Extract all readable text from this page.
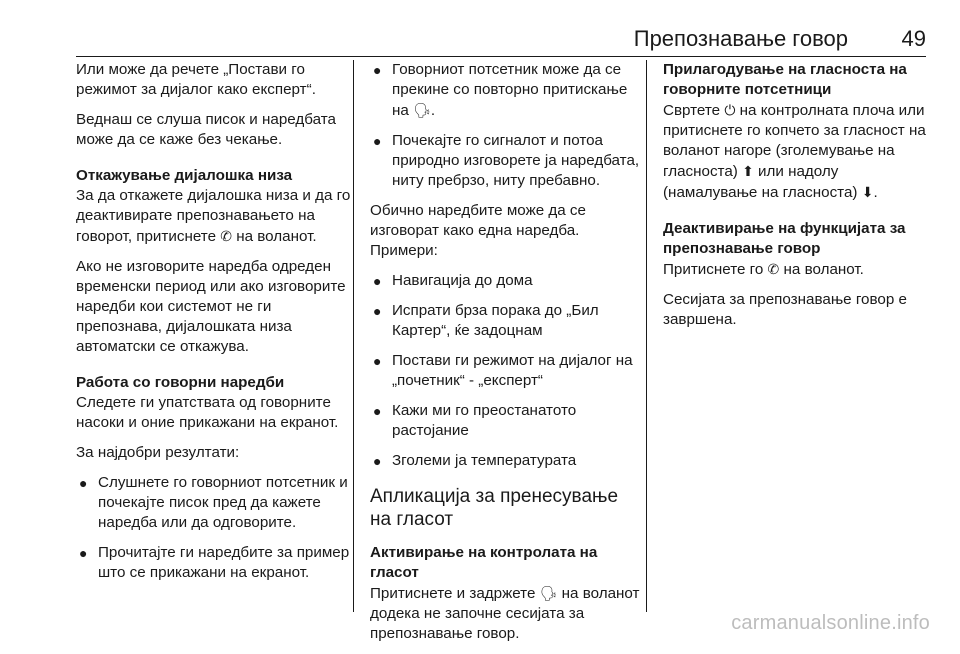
Препознавање говор 49

Или може да речете „Постави го режимот за дијалог како експерт“.

Веднаш се слуша писок и наредбата може да се каже без чекање.

Откажување дијалошка низа

За да откажете дијалошка низа и да го деактивирате препознавањето на говорот, притиснете ✆ на воланот.

Ако не изговорите наредба одреден временски период или ако изговорите наредби кои системот не ги препознава, дијалошката низа автоматски се откажува.

Работа со говорни наредби

Следете ги упатствата од говорните насоки и оние прикажани на екранот.

За најдобри резултати:

● Слушнете го говорниот потсетник и почекајте писок пред да кажете наредба или да одговорите.
● Прочитајте ги наредбите за пример што се прикажани на екранот.
● Говорниот потсетник може да се прекине со повторно притискање на 🗣.
● Почекајте го сигналот и потоа природно изговорете ја наредбата, ниту пребрзо, ниту пребавно.

Обично наредбите може да се изговорат како една наредба. Примери:

● Навигација до дома
● Испрати брза порака до „Бил Картер“, ќе задоцнам
● Постави ги режимот на дијалог на „почетник“ - „експерт“
● Кажи ми го преостанатото растојание
● Зголеми ја температурата
Апликација за пренесување на гласот
Активирање на контролата на гласот

Притиснете и задржете 🗣 на воланот додека не започне сесијата за препознавање говор.

Прилагодување на гласноста на говорните потсетници

Свртете ⏻ на контролната плоча или притиснете го копчето за гласност на воланот нагоре (зголемување на гласноста) ⬆ или надолу (намалување на гласноста) ⬇.

Деактивирање на функцијата за препознавање говор

Притиснете го ✆ на воланот.

Сесијата за препознавање говор е завршена.

carmanualsonline.info
